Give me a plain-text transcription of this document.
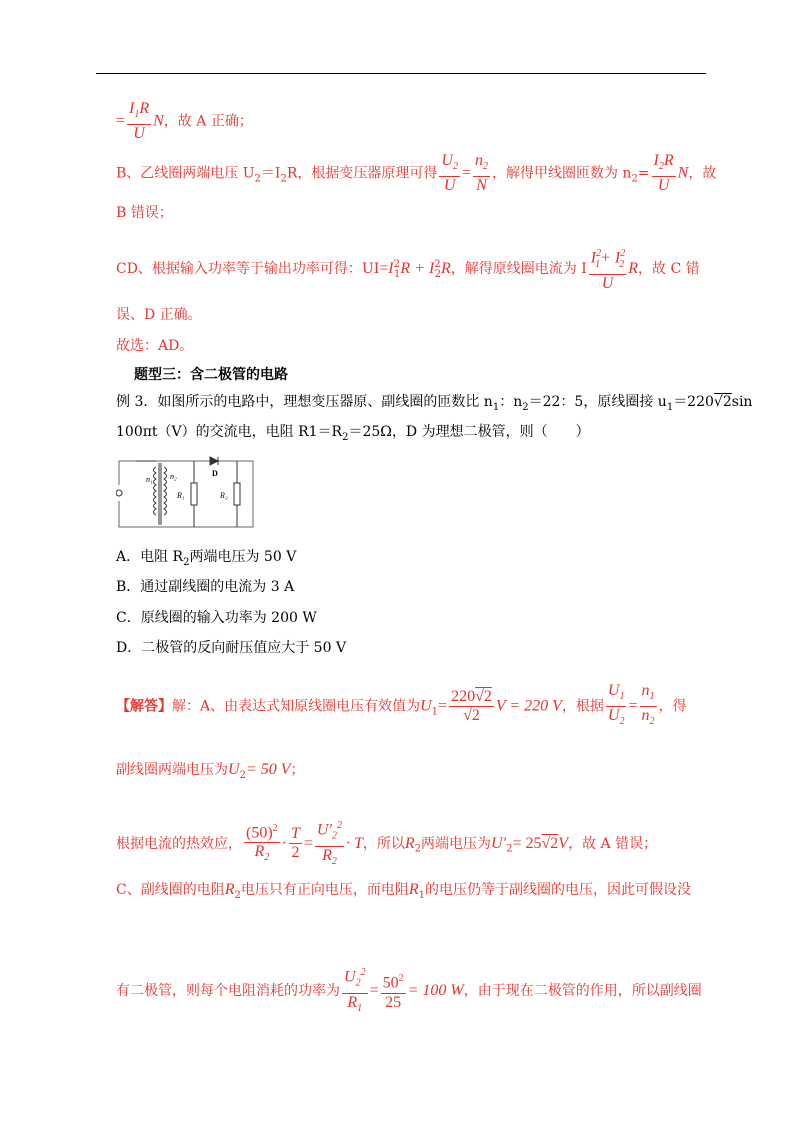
= $\frac{I_1R}{U}$ N，故 A 正确；
B、乙线圈两端电压 $U_2=I_2R$，根据变压器原理可得 $\frac{U_2}{U} = \frac{n_2}{N}$ ，解得甲线圈匝数为 $n_2= \frac{I_2R}{U}$ N，故
B 错误；
CD、根据输入功率等于输出功率可得：$UI=I^2_1R + I^2_2R$，解得原线圈电流为 I $\frac{I^2_1+ I^2_2}{U}$ R，故 C 错
误、D 正确。
故选：AD。
题型三：含二极管的电路
例 3．如图所示的电路中，理想变压器原、副线圈的匝数比 $n_1$：$n_2=22$：5，原线圈接 $u_1=220√2\sin$
100πt（V）的交流电，电阻 $R1=R_2=25\Omega$，D 为理想二极管，则（　　）
n₁ n₂
R₁	R₂
D
A．电阻 $R_2$两端电压为 50 V
B．通过副线圈的电流为 3 A
C．原线圈的输入功率为 200 W
D．二极管的反向耐压值应大于 50 V
【解答】解：A、由表达式知原线圈电压有效值为$U_1= \frac{220√2}{√2}$ V = 220 V，根据 $\frac{U_1}{U_2} = \frac{n_1}{n_2}$ ，得
副线圈两端电压为$U_2= 50$ V；
根据电流的热效应， $\frac{(50)^2}{R_2} \cdot \frac{T}{2} = \frac{U'_2^2}{R_2} \cdot T$，所以$R_2$两端电压为$U'_2= 25√2V$，故 A 错误；
C、副线圈的电阻$R_2$电压只有正向电压，而电阻$R_1$的电压仍等于副线圈的电压，因此可假设没
有二极管，则每个电阻消耗的功率为 $\frac{U_2^2}{R_1} = \frac{50^2}{25} = 100$ W，由于现在二极管的作用，所以副线圈
